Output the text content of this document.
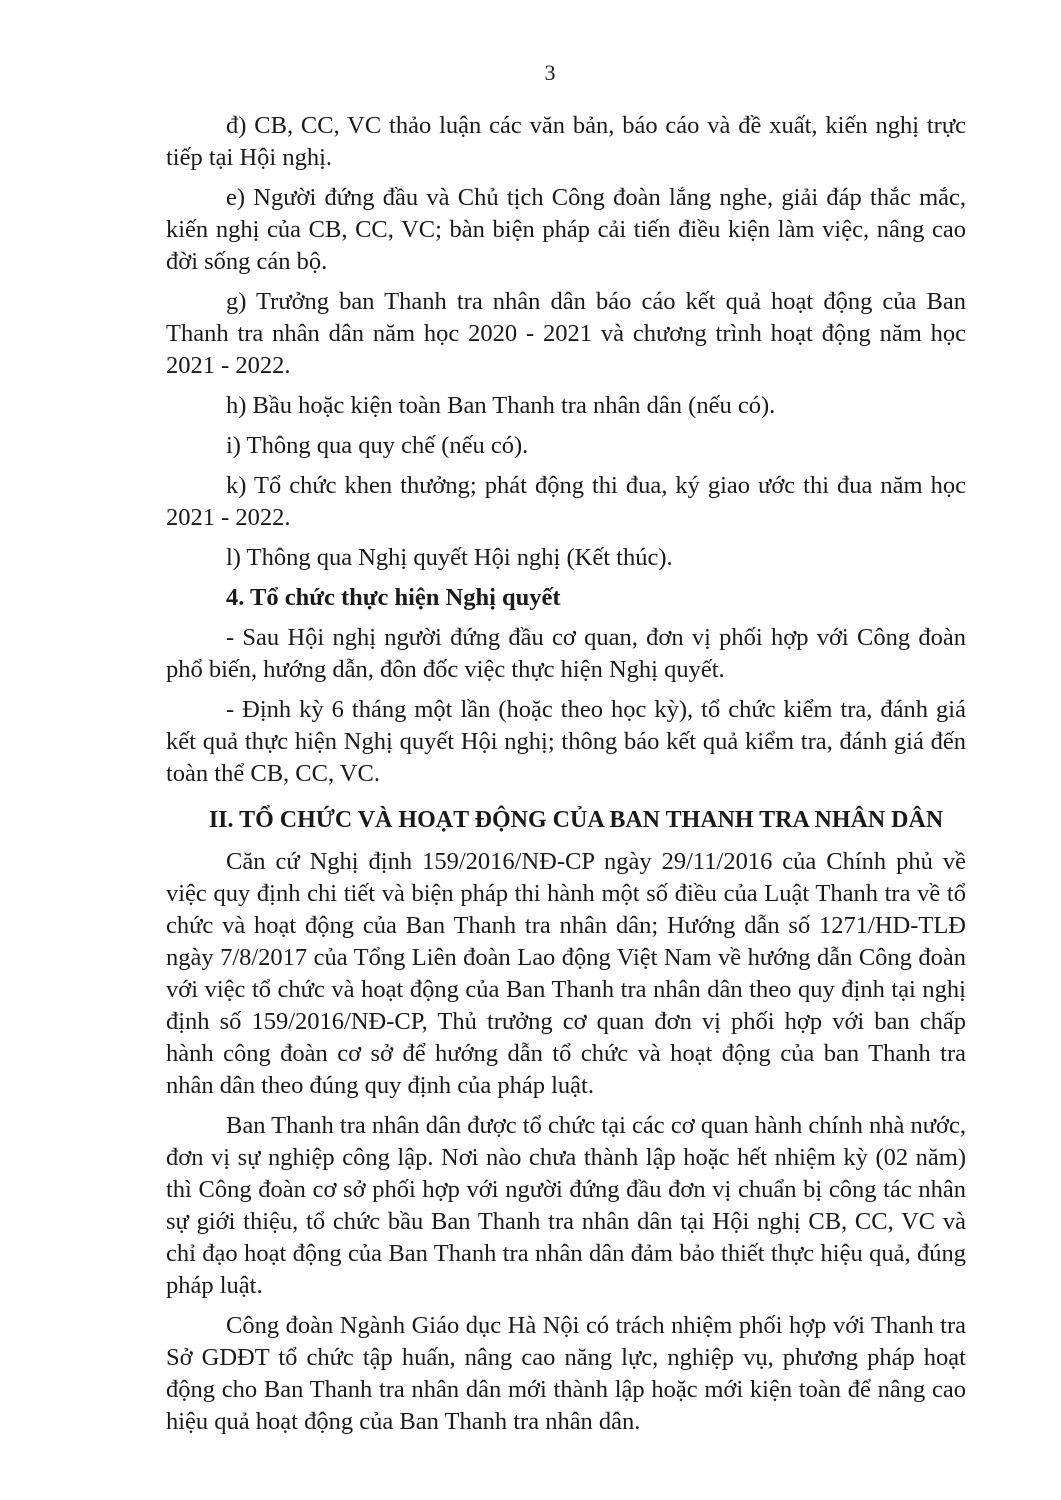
3

đ) CB, CC, VC thảo luận các văn bản, báo cáo và đề xuất, kiến nghị trực tiếp tại Hội nghị.

e) Người đứng đầu và Chủ tịch Công đoàn lắng nghe, giải đáp thắc mắc, kiến nghị của CB, CC, VC; bàn biện pháp cải tiến điều kiện làm việc, nâng cao đời sống cán bộ.

g) Trưởng ban Thanh tra nhân dân báo cáo kết quả hoạt động của Ban Thanh tra nhân dân năm học 2020 - 2021 và chương trình hoạt động năm học 2021 - 2022.

h) Bầu hoặc kiện toàn Ban Thanh tra nhân dân (nếu có).

i) Thông qua quy chế (nếu có).

k) Tổ chức khen thưởng; phát động thi đua, ký giao ước thi đua năm học 2021 - 2022.

l) Thông qua Nghị quyết Hội nghị (Kết thúc).

4. Tổ chức thực hiện Nghị quyết

- Sau Hội nghị người đứng đầu cơ quan, đơn vị phối hợp với Công đoàn phổ biến, hướng dẫn, đôn đốc việc thực hiện Nghị quyết.

- Định kỳ 6 tháng một lần (hoặc theo học kỳ), tổ chức kiểm tra, đánh giá kết quả thực hiện Nghị quyết Hội nghị; thông báo kết quả kiểm tra, đánh giá đến toàn thể CB, CC, VC.

II. TỔ CHỨC VÀ HOẠT ĐỘNG CỦA BAN THANH TRA NHÂN DÂN

Căn cứ Nghị định 159/2016/NĐ-CP ngày 29/11/2016 của Chính phủ về việc quy định chi tiết và biện pháp thi hành một số điều của Luật Thanh tra về tổ chức và hoạt động của Ban Thanh tra nhân dân; Hướng dẫn số 1271/HD-TLĐ ngày 7/8/2017 của Tổng Liên đoàn Lao động Việt Nam về hướng dẫn Công đoàn với việc tổ chức và hoạt động của Ban Thanh tra nhân dân theo quy định tại nghị định số 159/2016/NĐ-CP, Thủ trưởng cơ quan đơn vị phối hợp với ban chấp hành công đoàn cơ sở để hướng dẫn tổ chức và hoạt động của ban Thanh tra nhân dân theo đúng quy định của pháp luật.

Ban Thanh tra nhân dân được tổ chức tại các cơ quan hành chính nhà nước, đơn vị sự nghiệp công lập. Nơi nào chưa thành lập hoặc hết nhiệm kỳ (02 năm) thì Công đoàn cơ sở phối hợp với người đứng đầu đơn vị chuẩn bị công tác nhân sự giới thiệu, tổ chức bầu Ban Thanh tra nhân dân tại Hội nghị CB, CC, VC và chỉ đạo hoạt động của Ban Thanh tra nhân dân đảm bảo thiết thực hiệu quả, đúng pháp luật.

Công đoàn Ngành Giáo dục Hà Nội có trách nhiệm phối hợp với Thanh tra Sở GDĐT tổ chức tập huấn, nâng cao năng lực, nghiệp vụ, phương pháp hoạt động cho Ban Thanh tra nhân dân mới thành lập hoặc mới kiện toàn để nâng cao hiệu quả hoạt động của Ban Thanh tra nhân dân.
